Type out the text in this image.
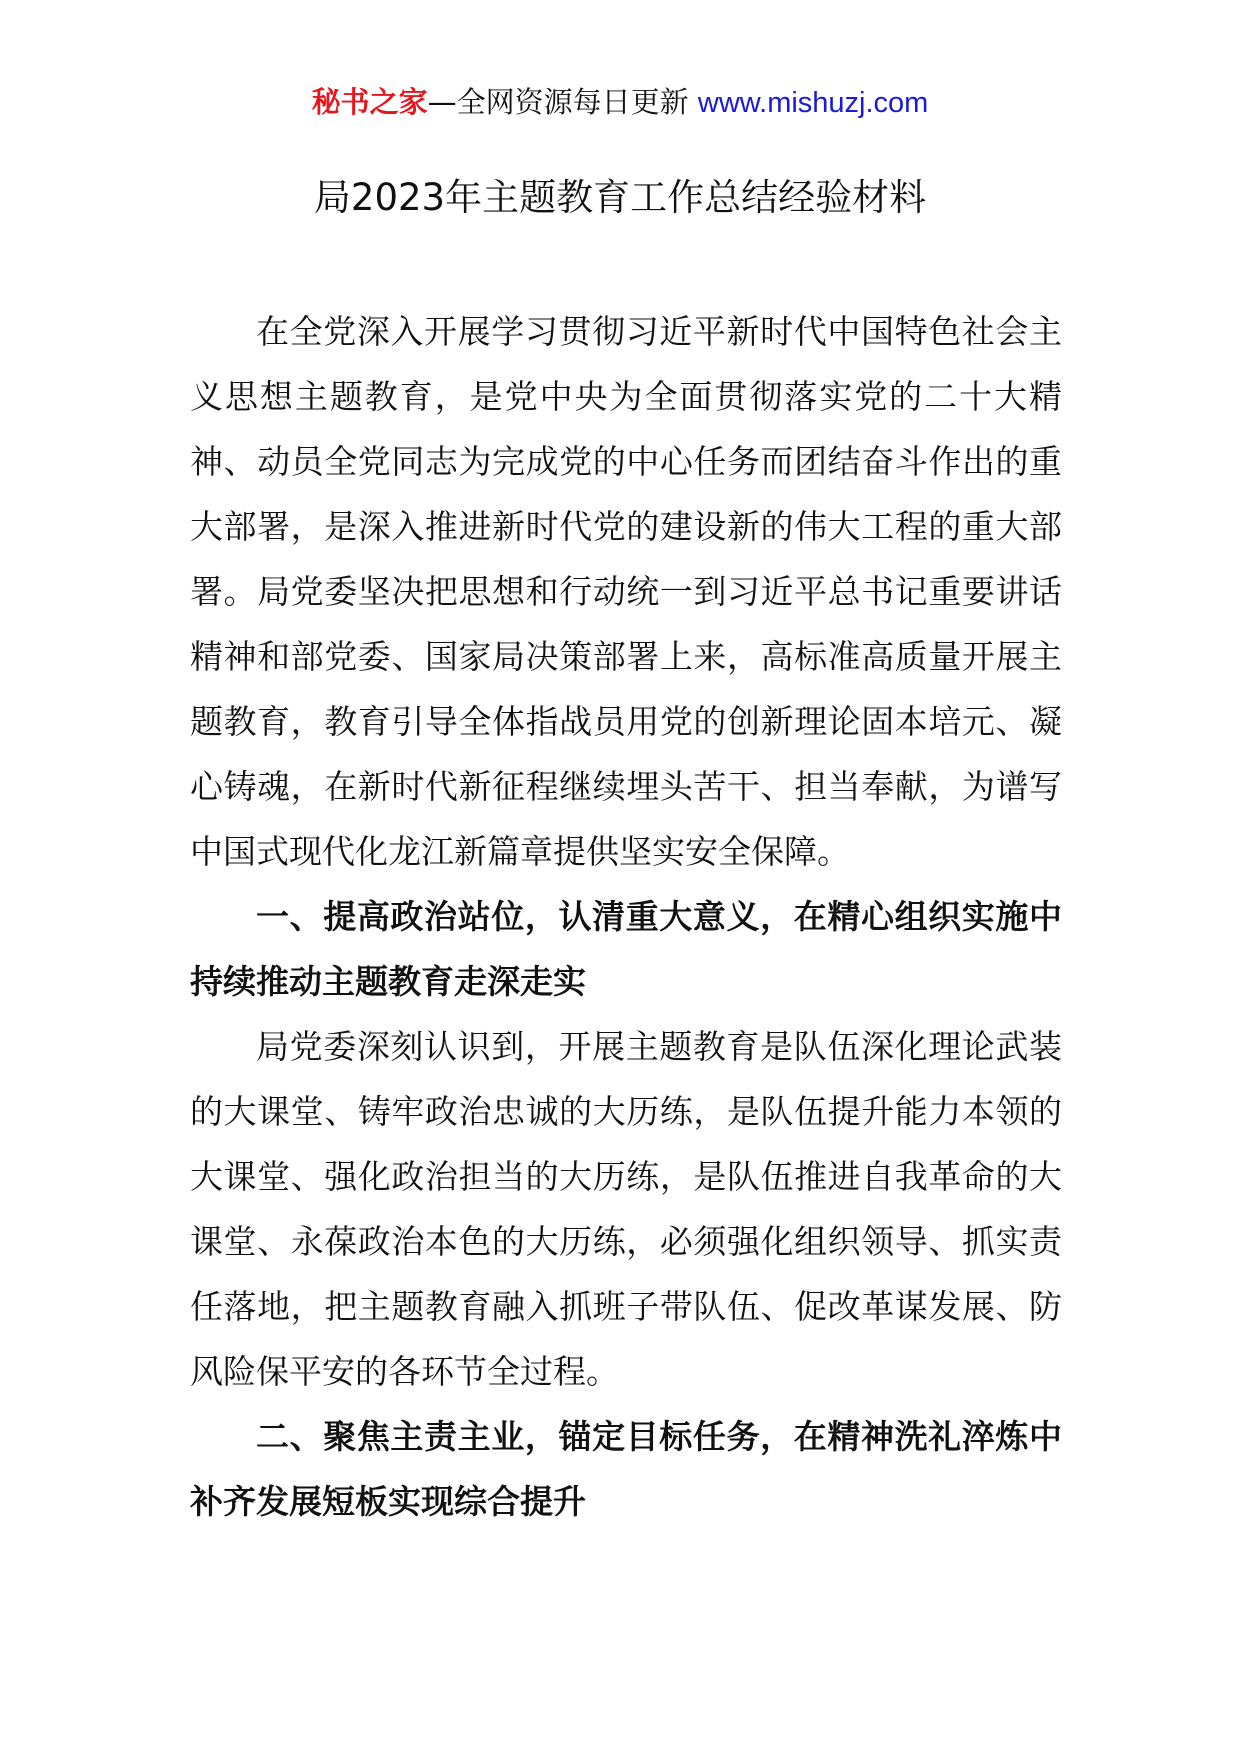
秘书之家—全网资源每日更新 www.mishuzj.com
局2023年主题教育工作总结经验材料

在全党深入开展学习贯彻习近平新时代中国特色社会主义思想主题教育，是党中央为全面贯彻落实党的二十大精神、动员全党同志为完成党的中心任务而团结奋斗作出的重大部署，是深入推进新时代党的建设新的伟大工程的重大部署。局党委坚决把思想和行动统一到习近平总书记重要讲话精神和部党委、国家局决策部署上来，高标准高质量开展主题教育，教育引导全体指战员用党的创新理论固本培元、凝心铸魂，在新时代新征程继续埋头苦干、担当奉献，为谱写中国式现代化龙江新篇章提供坚实安全保障。

一、提高政治站位，认清重大意义，在精心组织实施中持续推动主题教育走深走实

局党委深刻认识到，开展主题教育是队伍深化理论武装的大课堂、铸牢政治忠诚的大历练，是队伍提升能力本领的大课堂、强化政治担当的大历练，是队伍推进自我革命的大课堂、永葆政治本色的大历练，必须强化组织领导、抓实责任落地，把主题教育融入抓班子带队伍、促改革谋发展、防风险保平安的各环节全过程。

二、聚焦主责主业，锚定目标任务，在精神洗礼淬炼中补齐发展短板实现综合提升
